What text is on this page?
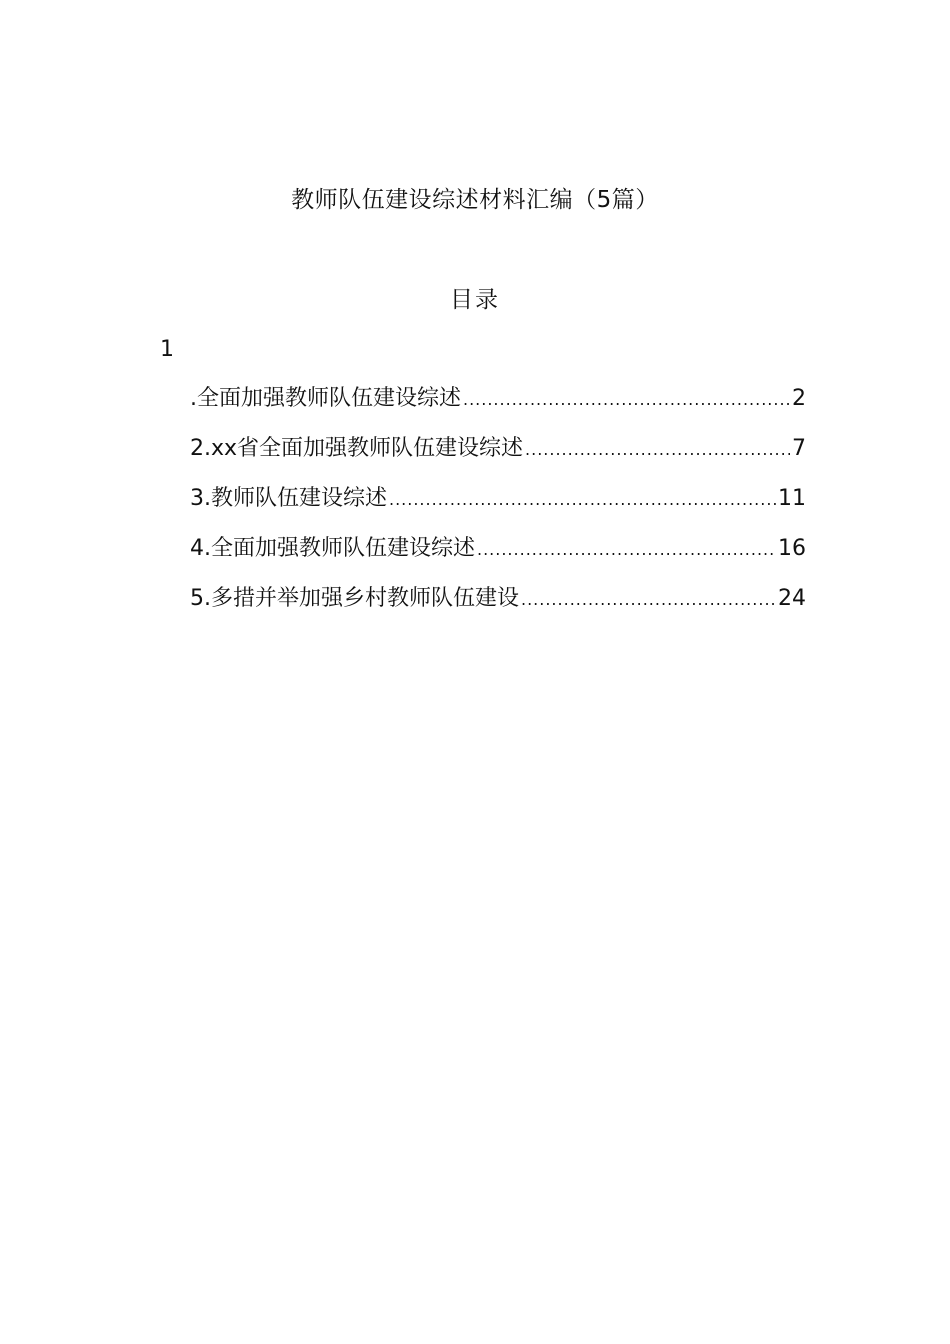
教师队伍建设综述材料汇编（5篇）
目录
1
.全面加强教师队伍建设综述 .....	2
2.xx省全面加强教师队伍建设综述 .....	7
3.教师队伍建设综述 .....	11
4.全面加强教师队伍建设综述 .....	16
5.多措并举加强乡村教师队伍建设 .....	24
